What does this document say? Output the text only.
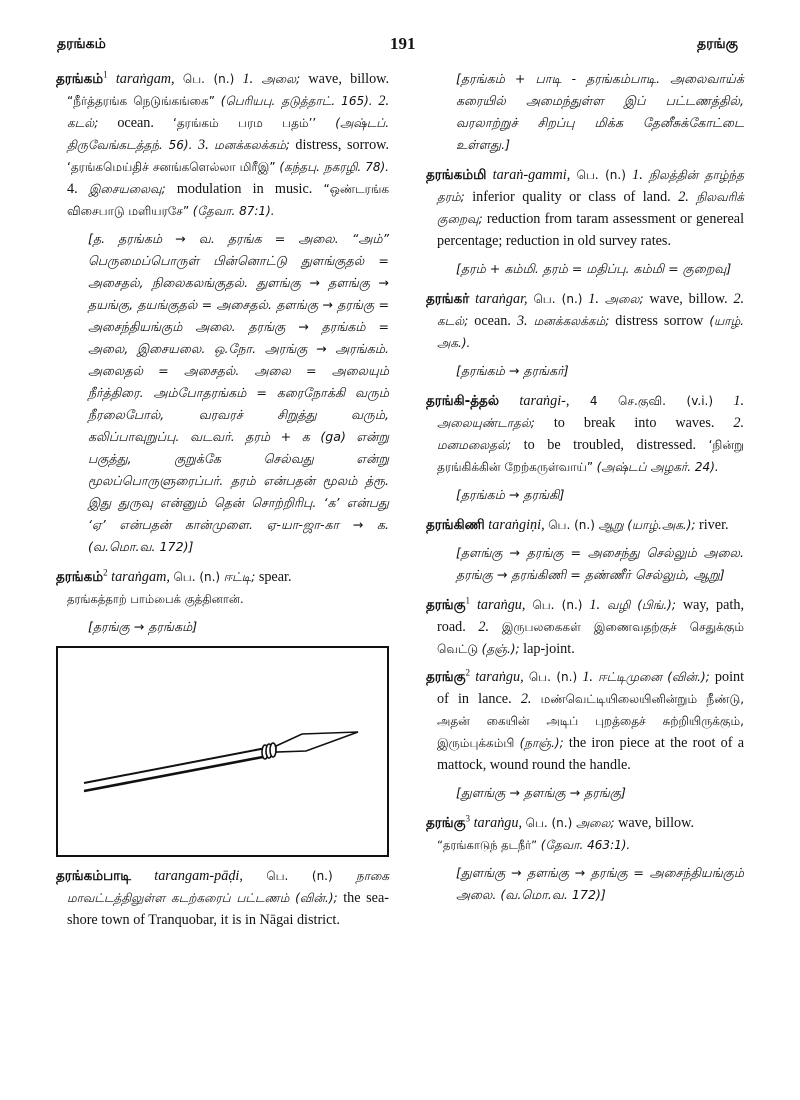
தரங்கம்	191	தரங்கு

தரங்கம்$^1$ taraṅgam, பெ. (n.) 1. அலை; wave, billow. “நீர்த்தரங்க நெடுங்கங்கை” (பெரியபு. தடுத்தாட். 165). 2. கடல்; ocean. ‘தரங்கம் பரம பதம்’’ (அஷ்டப். திருவேங்கடத்தந். 56). 3. மனக்கலக்கம்; distress, sorrow. ‘தரங்கமெய்திச் சனங்களெல்லா மிரீஇ” (கந்தபு. நகரழி. 78). 4. இசையலைவு; modulation in music. “ஒண்டரங்க விசைபாடு மளியரசே” (தேவா. 87:1).

[த. தரங்கம் → வ. தரங்க = அலை. “அம்” பெருமைப்பொருள் பின்னொட்டு துளங்குதல் = அசைதல், நிலைகலங்குதல். துளங்கு → தளங்கு → தயங்கு, தயங்குதல் = அசைதல். தளங்கு → தரங்கு = அசைந்தியங்கும் அலை. தரங்கு → தரங்கம் = அலை, இசையலை. ஒ.நோ. அரங்கு → அரங்கம். அலைதல் = அசைதல். அலை = அலையும் நீர்த்திரை. அம்போதரங்கம் = கரைநோக்கி வரும் நீரலைபோல், வரவரச் சிறுத்து வரும், கலிப்பாவுறுப்பு. வடவர். தரம் + க (ga) என்று பகுத்து, குறுக்கே செல்வது என்று மூலப்பொருளுரைப்பர். தரம் என்பதன் மூலம் த்ரூ. இது துருவு என்னும் தென் சொற்றிரிபு. ‘க’ என்பது ‘ஏ’ என்பதன் கான்முளை. ஏ-யா-ஜா-கா → க. (வ.மொ.வ. 172)]

தரங்கம்$^2$ taraṅgam, பெ. (n.) ஈட்டி; spear.
தரங்கத்தாற் பாம்பைக் குத்தினான்.

[தரங்கு → தரங்கம்]

தரங்கம்பாடி tarangam-pāḍi, பெ. (n.) நாகை மாவட்டத்திலுள்ள கடற்கரைப் பட்டணம் (வின்.); the sea-shore town of Tranquobar, it is in Nāgai district.

[தரங்கம் + பாடி - தரங்கம்பாடி. அலைவாய்க் கரையில் அமைந்துள்ள இப் பட்டணத்தில், வரலாற்றுச் சிறப்பு மிக்க தேனீசுக்கோட்டை உள்ளது.]

தரங்கம்மி taraṅ-gammi, பெ. (n.) 1. நிலத்தின் தாழ்ந்த தரம்; inferior quality or class of land. 2. நிலவரிக் குறைவு; reduction from taram assessment or genereal percentage; reduction in old survey rates.

[தரம் + கம்மி. தரம் = மதிப்பு. கம்மி = குறைவு]

தரங்கர் taraṅgar, பெ. (n.) 1. அலை; wave, billow. 2. கடல்; ocean. 3. மனக்கலக்கம்; distress sorrow (யாழ். அக.).

[தரங்கம் → தரங்கர்]

தரங்கி-த்தல் taraṅgi-, 4 செ.குவி. (v.i.) 1. அலையுண்டாதல்; to break into waves. 2. மனமலைதல்; to be troubled, distressed. ‘நின்று தரங்கிக்கின் றேற்கருள்வாய்” (அஷ்டப் அழகர். 24).

[தரங்கம் → தரங்கி]

தரங்கிணி taraṅgiṇi, பெ. (n.) ஆறு (யாழ்.அக.); river.

[தளங்கு → தரங்கு = அசைந்து செல்லும் அலை. தரங்கு → தரங்கிணி = தண்ணீர் செல்லும், ஆறு]

தரங்கு$^1$ taraṅgu, பெ. (n.) 1. வழி (பிங்.); way, path, road. 2. இருபலகைகள் இணைவதற்குச் செதுக்கும் வெட்டு (தஞ்.); lap-joint.

தரங்கு$^2$ taraṅgu, பெ. (n.) 1. ஈட்டிமுனை (வின்.); point of in lance. 2. மண்வெட்டியிலையினின்றும் நீண்டு, அதன் கையின் அடிப் புறத்தைச் சுற்றியிருக்கும், இரும்புக்கம்பி (நாஞ்.); the iron piece at the root of a mattock, wound round the handle.

[துளங்கு → தளங்கு → தரங்கு]

தரங்கு$^3$ taraṅgu, பெ. (n.) அலை; wave, billow.
“தரங்காடுந் தடநீர்” (தேவா. 463:1).

[துளங்கு → தளங்கு → தரங்கு = அசைந்தியங்கும் அலை. (வ.மொ.வ. 172)]
